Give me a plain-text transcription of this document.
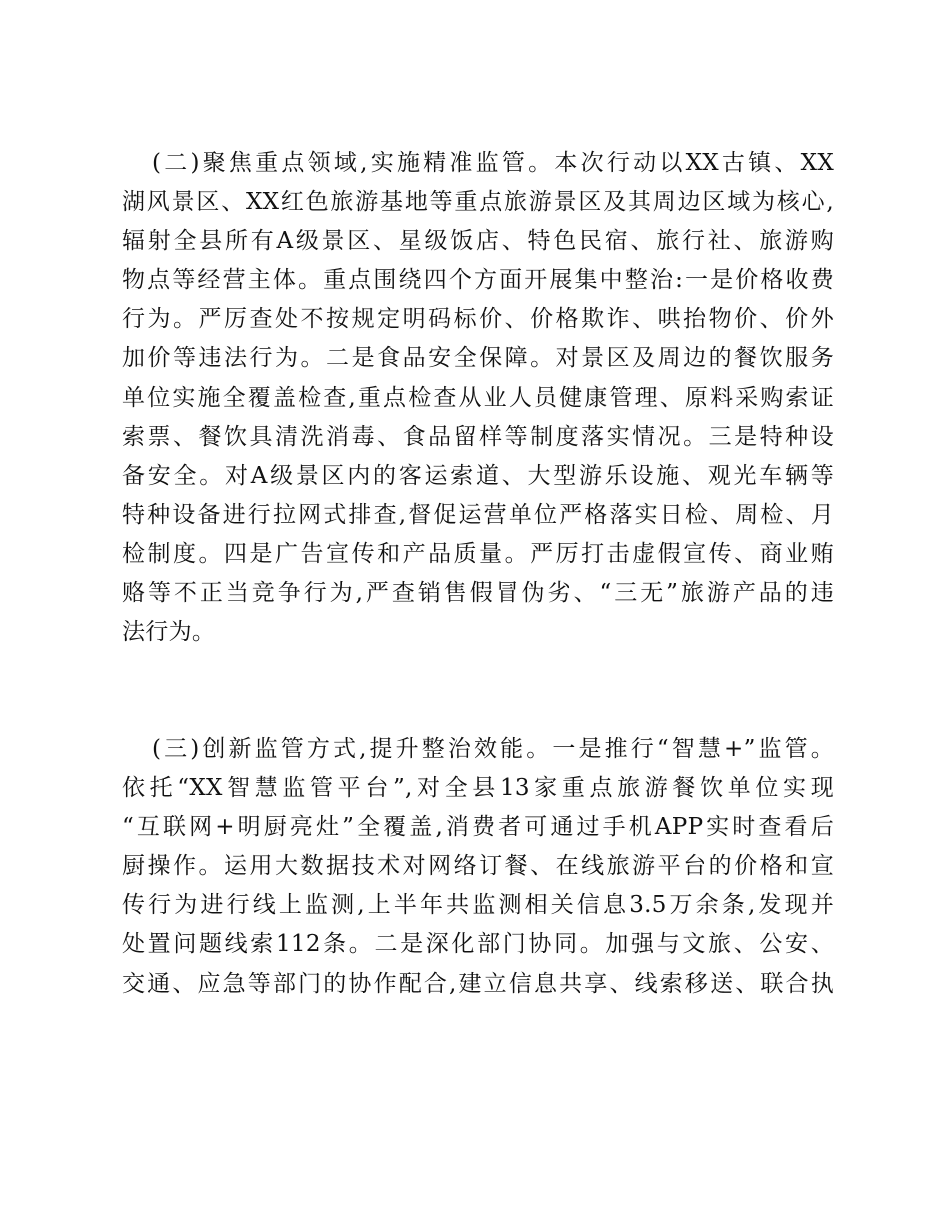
(二)聚焦重点领域,实施精准监管。本次行动以XX古镇、XX
湖风景区、XX红色旅游基地等重点旅游景区及其周边区域为核心,
辐射全县所有A级景区、星级饭店、特色民宿、旅行社、旅游购
物点等经营主体。重点围绕四个方面开展集中整治:一是价格收费
行为。严厉查处不按规定明码标价、价格欺诈、哄抬物价、价外
加价等违法行为。二是食品安全保障。对景区及周边的餐饮服务
单位实施全覆盖检查,重点检查从业人员健康管理、原料采购索证
索票、餐饮具清洗消毒、食品留样等制度落实情况。三是特种设
备安全。对A级景区内的客运索道、大型游乐设施、观光车辆等
特种设备进行拉网式排查,督促运营单位严格落实日检、周检、月
检制度。四是广告宣传和产品质量。严厉打击虚假宣传、商业贿
赂等不正当竞争行为,严查销售假冒伪劣、“三无”旅游产品的违
法行为。
(三)创新监管方式,提升整治效能。一是推行“智慧+”监管。
依托“XX智慧监管平台”,对全县13家重点旅游餐饮单位实现
“互联网+明厨亮灶”全覆盖,消费者可通过手机APP实时查看后
厨操作。运用大数据技术对网络订餐、在线旅游平台的价格和宣
传行为进行线上监测,上半年共监测相关信息3.5万余条,发现并
处置问题线索112条。二是深化部门协同。加强与文旅、公安、
交通、应急等部门的协作配合,建立信息共享、线索移送、联合执
